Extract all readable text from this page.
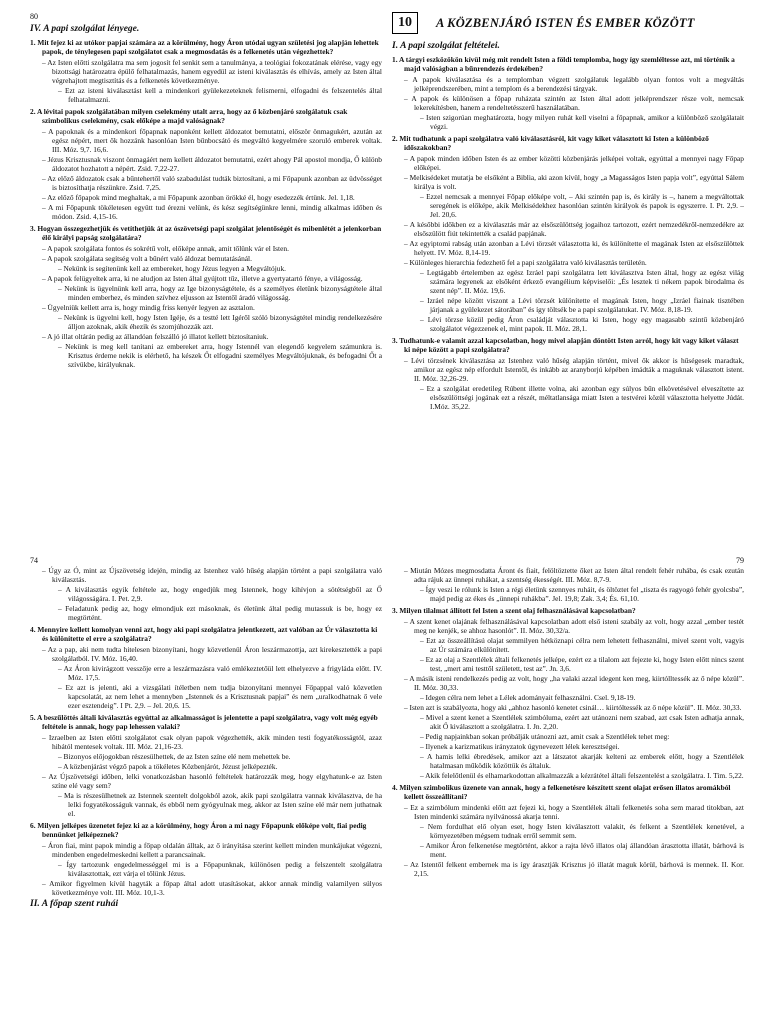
80
IV. A papi szolgálat lényege.

1. Mit fejez ki az utókor papjai számára az a körülmény, hogy Áron utódai ugyan születési jog alapján lehettek papok, de ténylegesen papi szolgálatot csak a megmosdatás és a felkenetés után végezhettek?

– Az Isten előtti szolgálatra ma sem jogosít fel senkit sem a tanulmánya, a teológiai fokozatának elérése, vagy egy bizottsági határozatra épülő felhatalmazás, hanem egyedül az isteni kiválasztás és elhívás, amely az Isten által végrehajtott megtisztítás és a felkenetés következménye.

– Ezt az isteni kiválasztást kell a mindenkori gyülekezeteknek felismerni, elfogadni és felszentelés által felhatalmazni.

2. A lévitai papok szolgálatában milyen cselekmény utalt arra, hogy az ő közbenjáró szolgálatuk csak szimbolikus cselekmény, csak előképe a majd valóságnak?

– A papoknak és a mindenkori főpapnak naponként kellett áldozatot bemutatni, először önmagukért, azután az egész népért, mert ők hozzánk hasonlóan Isten bűnbocsátó és megváltó kegyelmére szoruló emberek voltak. III. Móz. 9,7. 16,6.

– Jézus Krisztusnak viszont önmagáért nem kellett áldozatot bemutatni, ezért ahogy Pál apostol mondja, Ő különb áldozatot hozhatott a népért. Zsid. 7,22-27.

– Az előző áldozatok csak a bűntehertől való szabadulást tudták biztosítani, a mi Főpapunk azonban az üdvösséget is biztosíthatja részünkre. Zsid. 7,25.

– Az előző főpapok mind meghaltak, a mi Főpapunk azonban örökké él, hogy esedezzék értünk. Jel. 1,18.

– A mi Főpapunk tökéletesen együtt tud érezni velünk, és kész segítségünkre lenni, mindig alkalmas időben és módon. Zsid. 4,15-16.

3. Hogyan összegezhetjük és vetíthetjük át az ószövetségi papi szolgálat jelentőségét és mibenlétét a jelenkorban élő királyi papság szolgálatára?

– A papok szolgálata fontos és sokrétű volt, előképe annak, amit tőlünk vár el Isten.

– A papok szolgálata segítség volt a bűnért való áldozat bemutatásánál.

– Nekünk is segítenünk kell az embereket, hogy Jézus legyen a Megváltójuk.

– A papok felügyeltek arra, ki ne aludjon az Isten által gyújtott tűz, illetve a gyertyatartó fénye, a világosság.

– Nekünk is ügyelnünk kell arra, hogy az Ige bizonyságtétele, és a személyes életünk bizonyságtétele által minden emberhez, és minden szívhez eljusson az Istentől áradó világosság.

– Ügyelniük kellett arra is, hogy mindig friss kenyér legyen az asztalon.

– Nekünk is ügyelni kell, hogy Isten Igéje, és a testté lett Igéről szóló bizonyságtétel mindig rendelkezésére álljon azoknak, akik éhezik és szomjúhozzák azt.

– A jó illat oltárán pedig az állandóan felszálló jó illatot kellett biztosítaniuk.

– Nekünk is meg kell tanítani az embereket arra, hogy Istennél van elegendő kegyelem számunkra is. Krisztus érdeme nekik is elérhető, ha készek Őt elfogadni személyes Megváltójuknak, és befogadni Őt a szívükbe, királyuknak.

10	A KÖZBENJÁRÓ ISTEN ÉS EMBER KÖZÖTT
I. A papi szolgálat feltételei.

1. A tárgyi eszközökön kívül még mit rendelt Isten a földi templomba, hogy így szemléltesse azt, mi történik a majd valóságban a bűnrendezés érdekében?

– A papok kiválasztása és a templomban végzett szolgálatuk legalább olyan fontos volt a megváltás jelképrendszerében, mint a templom és a berendezési tárgyak.

– A papok és különösen a főpap ruházata szintén az Isten által adott jelképrendszer része volt, nemcsak lekerekítésben, hanem a rendeltetésszerű használatában.

– Isten szigorúan meghatározta, hogy milyen ruhát kell viselni a főpapnak, amikor a különböző szolgálatait végzi.

2. Mit tudhatunk a papi szolgálatra való kiválasztásról, kit vagy kiket választott ki Isten a különböző időszakokban?

– A papok minden időben Isten és az ember közötti közbenjárás jelképei voltak, egyúttal a mennyei nagy Főpap előképei.

– Melkisédeket mutatja be elsőként a Biblia, aki azon kívül, hogy „a Magasságos Isten papja volt”, egyúttal Sálem királya is volt.

– Ezzel nemcsak a mennyei Főpap előképe volt, – Aki szintén pap is, és király is –, hanem a megváltottak seregének is előképe, akik Melkisédekhez hasonlóan szintén királyok és papok is egyszerre. I. Pt. 2,9. – Jel. 20,6.

– A későbbi időkben ez a kiválasztás már az elsőszülöttség jogaihoz tartozott, ezért nemzedékről-nemzedékre az elsőszülött fiút tekintették a család papjának.

– Az egyiptomi rabság után azonban a Lévi törzsét választotta ki, és különítette el magának Isten az elsőszülöttek helyett. IV. Móz. 8,14-19.

– Különleges hierarchia fedezhető fel a papi szolgálatra való kiválasztás területén.

– Legtágabb értelemben az egész Izráel papi szolgálatra lett kiválasztva Isten által, hogy az egész világ számára legyenek az elsőként érkező evangélium képviselői: „És lesztek ti nékem papok birodalma és szent nép”. II. Móz. 19,6.

– Izráel népe között viszont a Lévi törzsét különítette el magának Isten, hogy „Izráel fiainak tisztében járjanak a gyülekezet sátorában” és így töltsék be a papi szolgálatukat. IV. Móz. 8,18-19.

– Lévi törzse közül pedig Áron családját választotta ki Isten, hogy egy magasabb szintű közbenjáró szolgálatot végezzenek el, mint papok. II. Móz. 28,1.

3. Tudhatunk-e valamit azzal kapcsolatban, hogy mivel alapján döntött Isten arról, hogy kit vagy kiket választ ki népe között a papi szolgálatra?

– Lévi törzsének kiválasztása az Istenhez való hűség alapján történt, mivel ők akkor is hűségesek maradtak, amikor az egész nép elfordult Istentől, és inkább az aranyborjú képében imádták a maguknak választott istent. II. Móz. 32,26-29.

– Ez a szolgálat eredetileg Rúbent illette volna, aki azonban egy súlyos bűn elkövetésével elveszítette az elsőszülöttségi jogának ezt a részét, méltatlanságа miatt Isten a testvérei közül választotta helyette Júdát. I.Móz. 35,22.

74

– Úgy az Ó, mint az Újszövetség idején, mindig az Istenhez való hűség alapján történt a papi szolgálatra való kiválasztás.

– A kiválasztás egyik feltétele az, hogy engedjük meg Istennek, hogy kihívjon a sötétségből az Ő világosságára. I. Pet. 2,9.

– Feladatunk pedig az, hogy elmondjuk ezt másoknak, és életünk által pedig mutassuk is be, hogy ez megtörtént.

4. Mennyire kellett komolyan venni azt, hogy aki papi szolgálatra jelentkezett, azt valóban az Úr választotta ki és különítette el erre a szolgálatra?

– Az a pap, aki nem tudta hitelesen bizonyítani, hogy közvetlenül Áron leszármazottja, azt kirekesztették a papi szolgálatból. IV. Móz. 16,40.

– Az Áron kivirágzott vesszője erre a leszármazásra való emlékeztetőül lett elhelyezve a frigyláda előtt. IV. Móz. 17,5.

– Ez azt is jelenti, aki a vizsgálati ítéletben nem tudja bizonyítani mennyei Főpappal való közvetlen kapcsolatát, az nem lehet a mennyben „Istennek és a Krisztusnak papjai” és nem „uralkodhatnak ő vele ezer esztendeig”. I Pt. 2,9. – Jel. 20,6. 15.

5. A beszűlöttés általi kiválasztás egyúttal az alkalmasságot is jelentette a papi szolgálatra, vagy volt még egyéb feltétele is annak, hogy pap lehessen valaki?

– Izraelben az Isten előtti szolgálatot csak olyan papok végezhették, akik minden testi fogyatékosságtól, azaz hibától mentesek voltak. III. Móz. 21,16-23.

– Bizonyos előjogokban részesülhettek, de az Isten színe elé nem mehettek be.

– A közbenjárást végző papok a tökéletes Közbenjárót, Jézust jelképezték.

– Az Újszövetségi időben, lelki vonatkozásban hasonló feltételek határozzák meg, hogy elgyhatunk-e az Isten színe elé vagy sem?

– Ma is részesülhetnek az Istennek szentelt dolgokból azok, akik papi szolgálatra vannak kiválasztva, de ha lelki fogyatékosságuk vannak, és ebből nem gyógyulnak meg, akkor az Isten színe elé már nem juthatnak el.

6. Milyen jelképes üzenetet fejez ki az a körülmény, hogy Áron a mi nagy Főpapunk előképe volt, fiai pedig bennünket jelképeznek?

– Áron fiai, mint papok mindig a főpap oldalán álltak, az ő irányítása szerint kellett minden munkájukat végezni, mindenben engedelmeskedni kellett a parancsainak.

– Így tartozunk engedelmességgel mi is a Főpapunknak, különösen pedig a felszentelt szolgálatra kiválasztottak, ezt várja el tőlünk Jézus.

– Amikor figyelmen kívül hagyták a főpap által adott utasításokat, akkor annak mindig valamilyen súlyos következménye volt. III. Móz. 10,1-3.

II. A főpap szent ruhái
79

– Miután Mózes megmosdatta Áront és fiait, felöltöztette őket az Isten által rendelt fehér ruhába, és csak ezután adta rájuk az ünnepi ruhákat, a szentség ékességét. III. Móz. 8,7-9.

– Így veszi le rólunk is Isten a régi életünk szennyes ruháit, és öltöztet fel „tiszta és ragyogó fehér gyolcsba”, majd pedig az ékes és „ünnepi ruhákba”. Jel. 19,8; Zak. 3,4; És. 61,10.

3. Milyen tilalmat állított fel Isten a szent olaj felhasználásával kapcsolatban?

– A szent kenet olajának felhasználásával kapcsolatban adott első isteni szabály az volt, hogy azzal „ember testét meg ne kenjék, se ahhoz hasonlót”. II. Móz. 30,32/a.

– Ezt az összeállítású olajat semmilyen hétköznapi célra nem lehetett felhasználni, mivel szent volt, vagyis az Úr számára elkülönített.

– Ez az olaj a Szentlélek általi felkenetés jelképe, ezért ez a tilalom azt fejezte ki, hogy Isten előtt nincs szent test, „mert ami testtől született, test az”. Jn. 3,6.

– A másik isteni rendelkezés pedig az volt, hogy „ha valaki azzal idegent ken meg, kiirtólltessék az ő népe közül”. II. Móz. 30,33.

– Idegen célra nem lehet a Lélek adományait felhasználni. Csel. 9,18-19.

– Isten azt is szabályozta, hogy aki „ahhoz hasonló kenetet csinál… kiirtóltessék az ő népe közül”. II. Móz. 30,33.

– Mivel a szent kenet a Szentlélek szimbóluma, ezért azt utánozni nem szabad, azt csak Isten adhatja annak, akit Ő kiválasztott a szolgálatra. I. Jn. 2,20.

– Pedig napjainkban sokan próbálják utánozni azt, amit csak a Szentlélek tehet meg:

– Ilyenek a karizmatikus irányzatok úgynevezett lélek keresztségei.

– A hamis lelki ébredések, amikor azt a látszatot akarják kelteni az emberek előtt, hogy a Szentlélek hatalmasan működik közöttük és általuk.

– Akik felelőtlenül és elhamarkodottan alkalmazzák a kézrátétel általi felszentelést a szolgálatra. I. Tim. 5,22.

4. Milyen szimbolikus üzenete van annak, hogy a felkenetésre készített szent olajat erősen illatos aromákból kellett összeállítani?

– Ez a szimbólum mindenki előtt azt fejezi ki, hogy a Szentlélek általi felkenetés soha sem marad titokban, azt Isten mindenki számára nyilvánossá akarja tenni.

– Nem fordulhat elő olyan eset, hogy Isten kiválasztott valakit, és felkent a Szentlélek kenetével, a környezetében mégsem tudnak erről semmit sem.

– Amikor Áron felkenetése megtörtént, akkor a rajta lévő illatos olaj állandóan árasztotta illatát, bárhová is ment.

– Az Istentől felkent embernek ma is így árasztják Krisztus jó illatát maguk körül, bárhová is mennek. II. Kor. 2,15.
